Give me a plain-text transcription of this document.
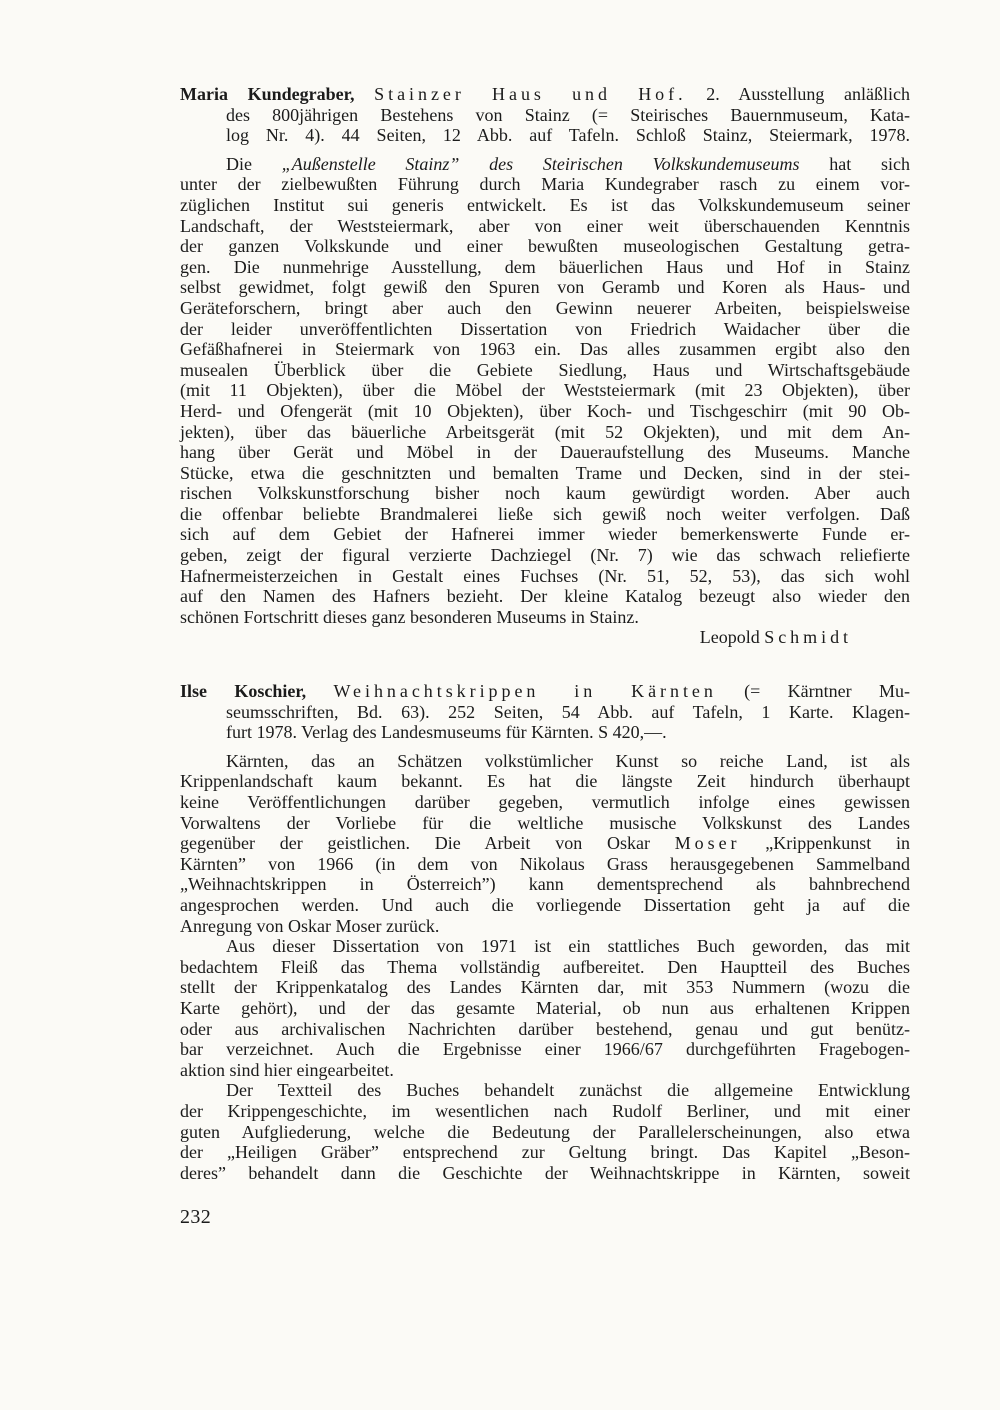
Maria Kundegraber, Stainzer Haus und Hof. 2. Ausstellung anläßlich
des 800jährigen Bestehens von Stainz (= Steirisches Bauernmuseum, Kata-
log Nr. 4). 44 Seiten, 12 Abb. auf Tafeln. Schloß Stainz, Steiermark, 1978.
Die „Außenstelle Stainz” des Steirischen Volkskundemuseums hat sich
unter der zielbewußten Führung durch Maria Kundegraber rasch zu einem vor-
züglichen Institut sui generis entwickelt. Es ist das Volkskundemuseum seiner
Landschaft, der Weststeiermark, aber von einer weit überschauenden Kenntnis
der ganzen Volkskunde und einer bewußten museologischen Gestaltung getra-
gen. Die nunmehrige Ausstellung, dem bäuerlichen Haus und Hof in Stainz
selbst gewidmet, folgt gewiß den Spuren von Geramb und Koren als Haus- und
Geräteforschern, bringt aber auch den Gewinn neuerer Arbeiten, beispielsweise
der leider unveröffentlichten Dissertation von Friedrich Waidacher über die
Gefäßhafnerei in Steiermark von 1963 ein. Das alles zusammen ergibt also den
musealen Überblick über die Gebiete Siedlung, Haus und Wirtschaftsgebäude
(mit 11 Objekten), über die Möbel der Weststeiermark (mit 23 Objekten), über
Herd- und Ofengerät (mit 10 Objekten), über Koch- und Tischgeschirr (mit 90 Ob-
jekten), über das bäuerliche Arbeitsgerät (mit 52 Okjekten), und mit dem An-
hang über Gerät und Möbel in der Daueraufstellung des Museums. Manche
Stücke, etwa die geschnitzten und bemalten Trame und Decken, sind in der stei-
rischen Volkskunstforschung bisher noch kaum gewürdigt worden. Aber auch
die offenbar beliebte Brandmalerei ließe sich gewiß noch weiter verfolgen. Daß
sich auf dem Gebiet der Hafnerei immer wieder bemerkenswerte Funde er-
geben, zeigt der figural verzierte Dachziegel (Nr. 7) wie das schwach reliefierte
Hafnermeisterzeichen in Gestalt eines Fuchses (Nr. 51, 52, 53), das sich wohl
auf den Namen des Hafners bezieht. Der kleine Katalog bezeugt also wieder den
schönen Fortschritt dieses ganz besonderen Museums in Stainz.
Leopold Schmidt
Ilse Koschier, Weihnachtskrippen in Kärnten (= Kärntner Mu-
seumsschriften, Bd. 63). 252 Seiten, 54 Abb. auf Tafeln, 1 Karte. Klagen-
furt 1978. Verlag des Landesmuseums für Kärnten. S 420,—.
Kärnten, das an Schätzen volkstümlicher Kunst so reiche Land, ist als
Krippenlandschaft kaum bekannt. Es hat die längste Zeit hindurch überhaupt
keine Veröffentlichungen darüber gegeben, vermutlich infolge eines gewissen
Vorwaltens der Vorliebe für die weltliche musische Volkskunst des Landes
gegenüber der geistlichen. Die Arbeit von Oskar Moser „Krippenkunst in
Kärnten” von 1966 (in dem von Nikolaus Grass herausgegebenen Sammelband
„Weihnachtskrippen in Österreich”) kann dementsprechend als bahnbrechend
angesprochen werden. Und auch die vorliegende Dissertation geht ja auf die
Anregung von Oskar Moser zurück.
Aus dieser Dissertation von 1971 ist ein stattliches Buch geworden, das mit
bedachtem Fleiß das Thema vollständig aufbereitet. Den Hauptteil des Buches
stellt der Krippenkatalog des Landes Kärnten dar, mit 353 Nummern (wozu die
Karte gehört), und der das gesamte Material, ob nun aus erhaltenen Krippen
oder aus archivalischen Nachrichten darüber bestehend, genau und gut benütz-
bar verzeichnet. Auch die Ergebnisse einer 1966/67 durchgeführten Fragebogen-
aktion sind hier eingearbeitet.
Der Textteil des Buches behandelt zunächst die allgemeine Entwicklung
der Krippengeschichte, im wesentlichen nach Rudolf Berliner, und mit einer
guten Aufgliederung, welche die Bedeutung der Parallelerscheinungen, also etwa
der „Heiligen Gräber” entsprechend zur Geltung bringt. Das Kapitel „Beson-
deres” behandelt dann die Geschichte der Weihnachtskrippe in Kärnten, soweit
232
